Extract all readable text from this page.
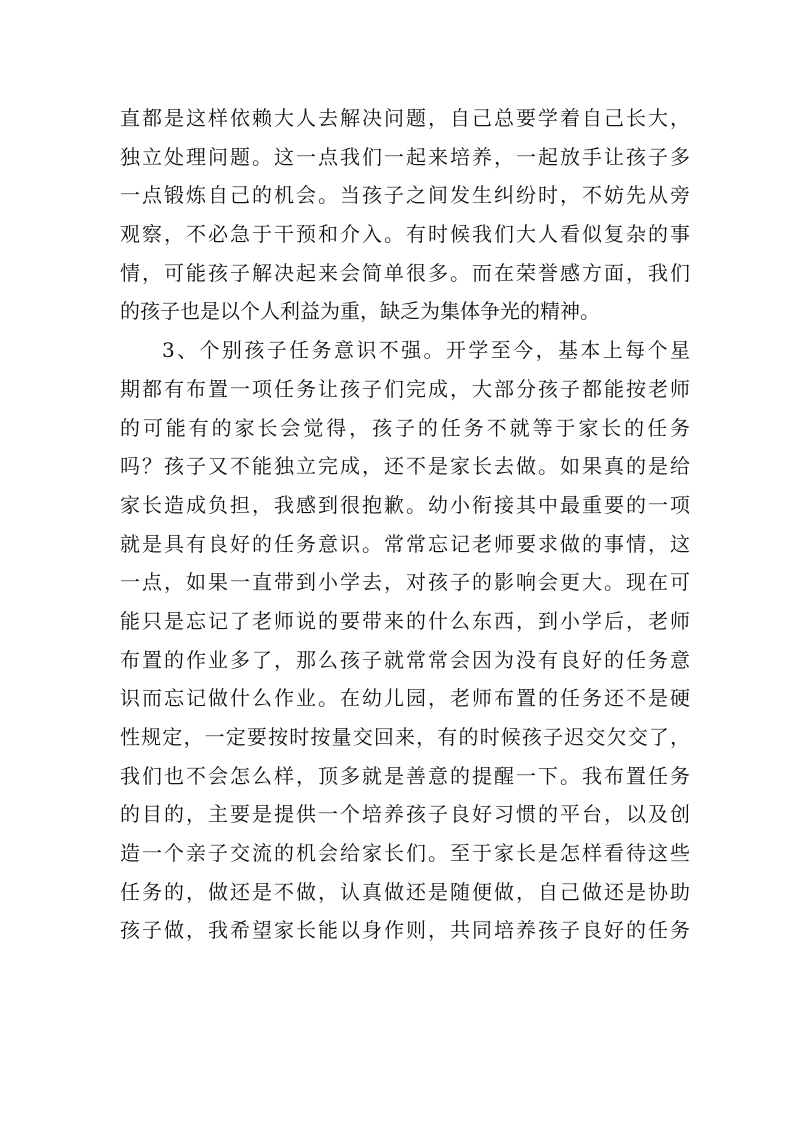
直都是这样依赖大人去解决问题，自己总要学着自己长大，
独立处理问题。这一点我们一起来培养，一起放手让孩子多
一点锻炼自己的机会。当孩子之间发生纠纷时，不妨先从旁
观察，不必急于干预和介入。有时候我们大人看似复杂的事
情，可能孩子解决起来会简单很多。而在荣誉感方面，我们
的孩子也是以个人利益为重，缺乏为集体争光的精神。
3、个别孩子任务意识不强。开学至今，基本上每个星
期都有布置一项任务让孩子们完成，大部分孩子都能按老师
的可能有的家长会觉得，孩子的任务不就等于家长的任务
吗？孩子又不能独立完成，还不是家长去做。如果真的是给
家长造成负担，我感到很抱歉。幼小衔接其中最重要的一项
就是具有良好的任务意识。常常忘记老师要求做的事情，这
一点，如果一直带到小学去，对孩子的影响会更大。现在可
能只是忘记了老师说的要带来的什么东西，到小学后，老师
布置的作业多了，那么孩子就常常会因为没有良好的任务意
识而忘记做什么作业。在幼儿园，老师布置的任务还不是硬
性规定，一定要按时按量交回来，有的时候孩子迟交欠交了，
我们也不会怎么样，顶多就是善意的提醒一下。我布置任务
的目的，主要是提供一个培养孩子良好习惯的平台，以及创
造一个亲子交流的机会给家长们。至于家长是怎样看待这些
任务的，做还是不做，认真做还是随便做，自己做还是协助
孩子做，我希望家长能以身作则，共同培养孩子良好的任务
